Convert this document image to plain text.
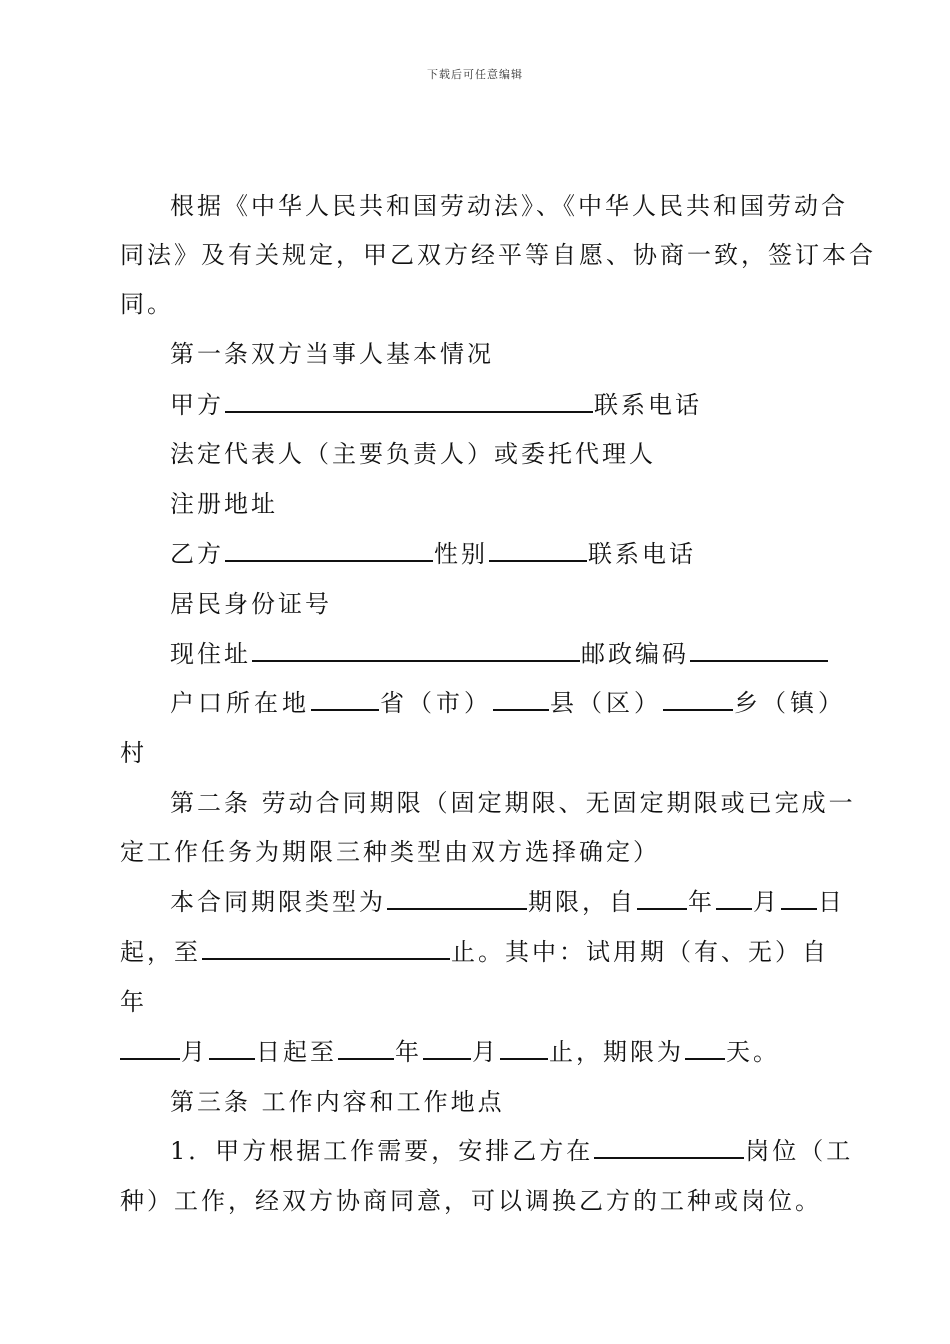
下载后可任意编辑
根据《中华人民共和国劳动法》、《中华人民共和国劳动合
同法》及有关规定，甲乙双方经平等自愿、协商一致，签订本合
同。
第一条双方当事人基本情况
甲方	联系电话
法定代表人（主要负责人）或委托代理人
注册地址
乙方	性别	联系电话
居民身份证号
现住址	邮政编码
户口所在地	省（市） 县（区）	乡（镇）
村
第二条 劳动合同期限（固定期限、无固定期限或已完成一
定工作任务为期限三种类型由双方选择确定）
本合同期限类型为	期限，自 年 月 日
起，至	止。其中：试用期（有、无）自
年
月 日起至 年 月 止，期限为 天。
第三条 工作内容和工作地点
1．甲方根据工作需要，安排乙方在	岗位（工
种）工作，经双方协商同意，可以调换乙方的工种或岗位。
